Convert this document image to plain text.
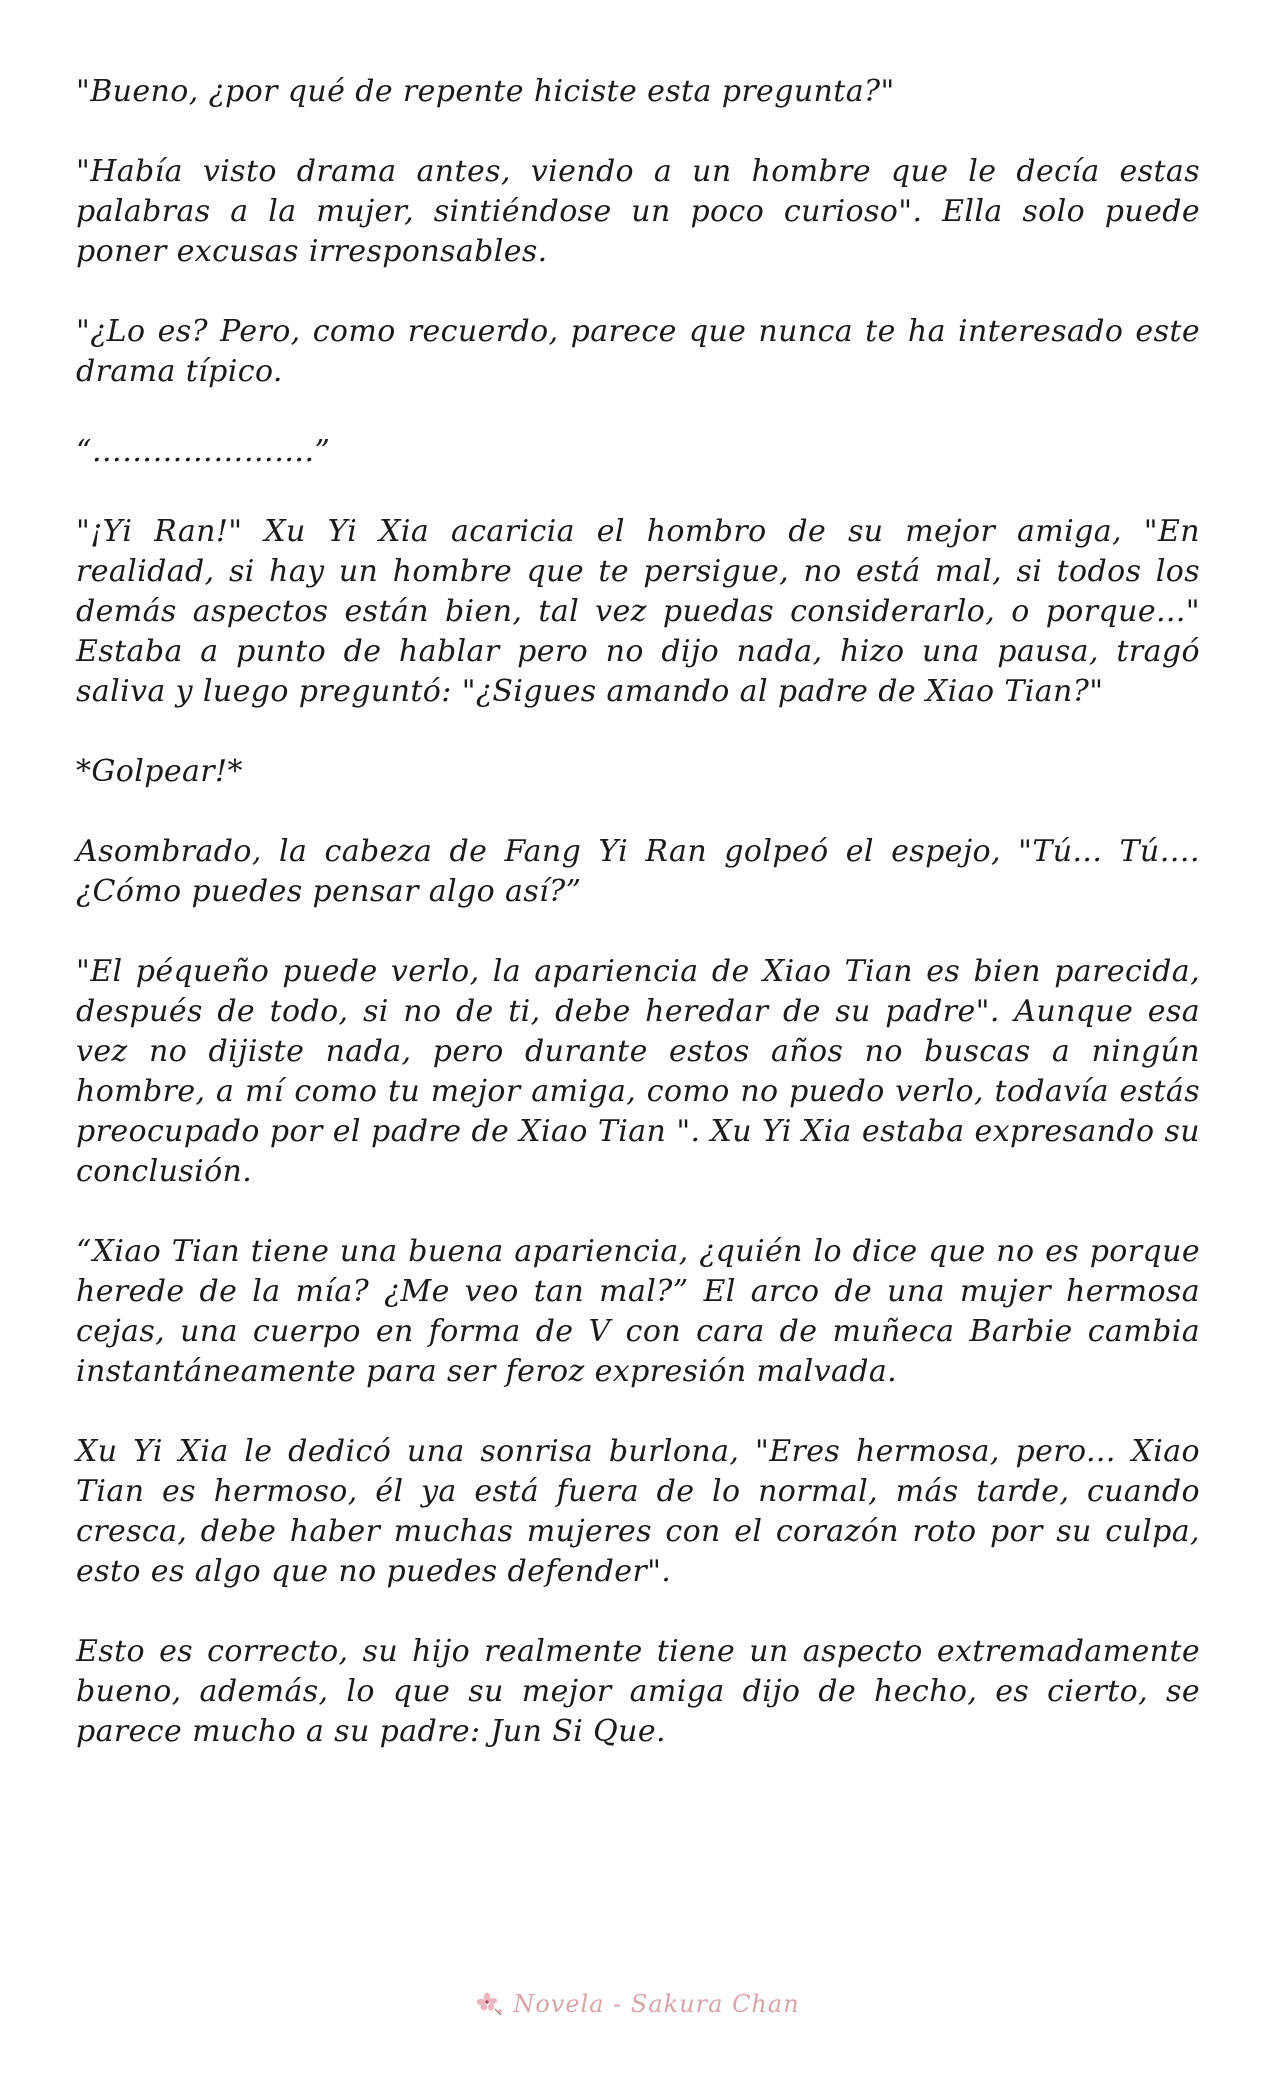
"Bueno, ¿por qué de repente hiciste esta pregunta?"

"Había visto drama antes, viendo a un hombre que le decía estas palabras a la mujer, sintiéndose un poco curioso". Ella solo puede poner excusas irresponsables.

"¿Lo es? Pero, como recuerdo, parece que nunca te ha interesado este drama típico.

“………………….”

"¡Yi Ran!" Xu Yi Xia acaricia el hombro de su mejor amiga, "En realidad, si hay un hombre que te persigue, no está mal, si todos los demás aspectos están bien, tal vez puedas considerarlo, o porque..." Estaba a punto de hablar pero no dijo nada, hizo una pausa, tragó saliva y luego preguntó: "¿Sigues amando al padre de Xiao Tian?"

*Golpear!*

Asombrado, la cabeza de Fang Yi Ran golpeó el espejo, "Tú... Tú…. ¿Cómo puedes pensar algo así?”

"El péqueño puede verlo, la apariencia de Xiao Tian es bien parecida, después de todo, si no de ti, debe heredar de su padre". Aunque esa vez no dijiste nada, pero durante estos años no buscas a ningún hombre, a mí como tu mejor amiga, como no puedo verlo, todavía estás preocupado por el padre de Xiao Tian ". Xu Yi Xia estaba expresando su conclusión.

“Xiao Tian tiene una buena apariencia, ¿quién lo dice que no es porque herede de la mía? ¿Me veo tan mal?” El arco de una mujer hermosa cejas, una cuerpo en forma de V con cara de muñeca Barbie cambia instantáneamente para ser feroz expresión malvada.

Xu Yi Xia le dedicó una sonrisa burlona, "Eres hermosa, pero... Xiao Tian es hermoso, él ya está fuera de lo normal, más tarde, cuando cresca, debe haber muchas mujeres con el corazón roto por su culpa, esto es algo que no puedes defender".

Esto es correcto, su hijo realmente tiene un aspecto extremadamente bueno, además, lo que su mejor amiga dijo de hecho, es cierto, se parece mucho a su padre: Jun Si Que.

Novela - Sakura Chan
